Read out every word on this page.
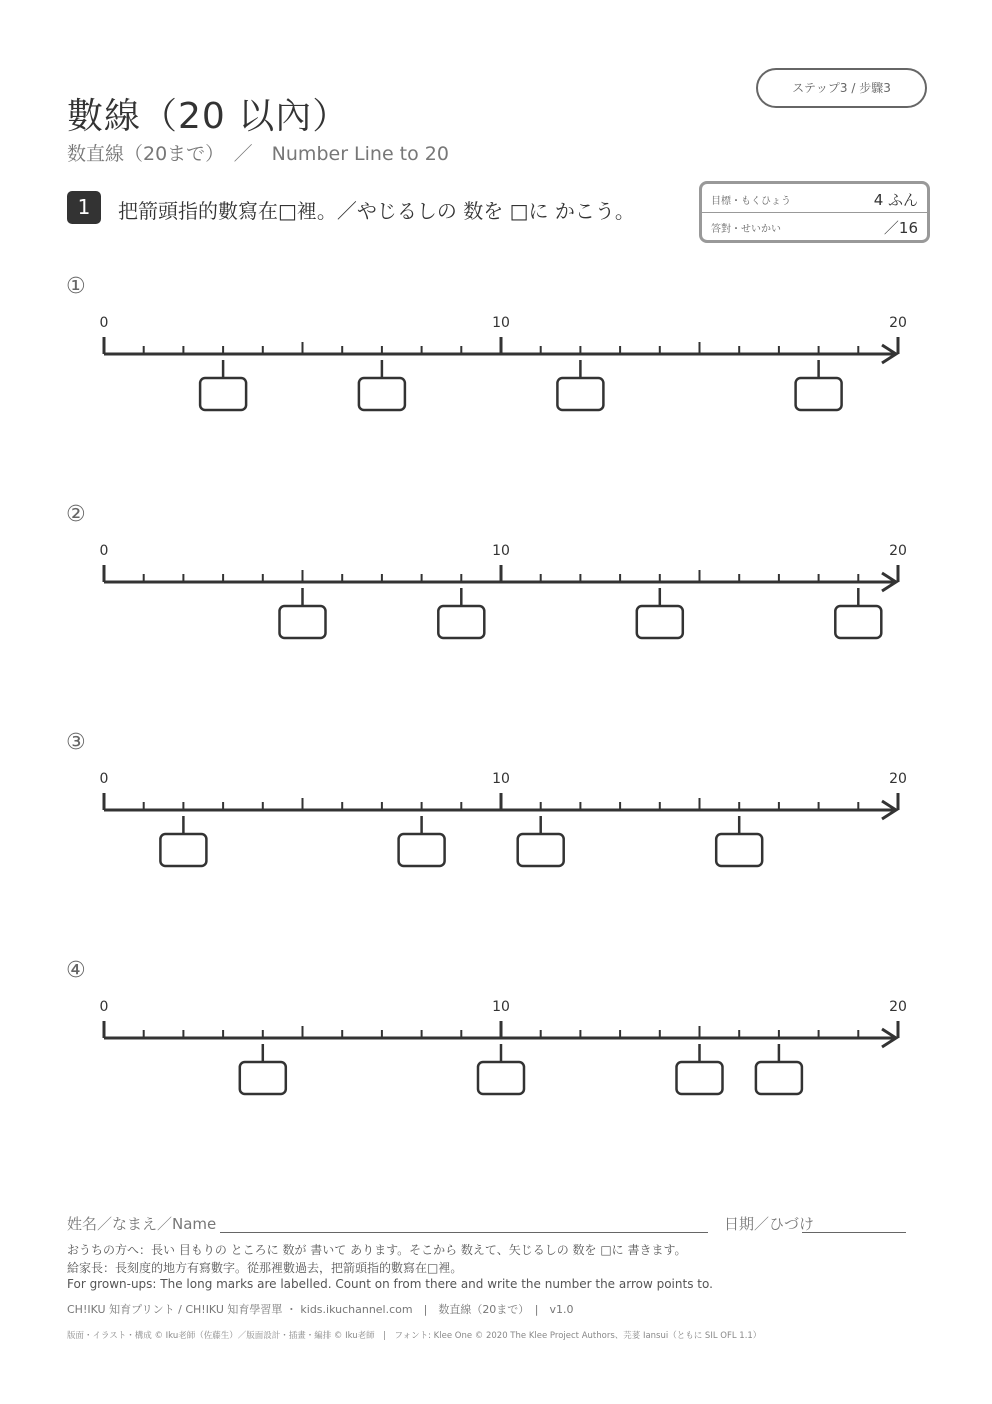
數線（20 以內）
数直線（20まで）　／　Number Line to 20
ステップ3 / 步驟3
1	把箭頭指的數寫在□裡。／やじるしの 数を □に かこう。	目標・もくひょう	4 ふん
答對・せいかい	／16
①
0	10	20
②
0	10	20
③
0	10	20
④
0	10	20
姓名／なまえ／Name	日期／ひづけ
おうちの方へ：長い 目もりの ところに 数が 書いて あります。そこから 数えて、矢じるしの 数を □に 書きます。
給家長：長刻度的地方有寫數字。從那裡數過去，把箭頭指的數寫在□裡。
For grown-ups: The long marks are labelled. Count on from there and write the number the arrow points to.
CH!IKU 知育プリント / CH!IKU 知育學習單 ・ kids.ikuchannel.com　|　数直線（20まで）　|　v1.0
版面・イラスト・構成 © Iku老師（佐藤生）／版面設計・插畫・編排 © Iku老師　|　フォント: Klee One © 2020 The Klee Project Authors、芫荽 Iansui（ともに SIL OFL 1.1）
